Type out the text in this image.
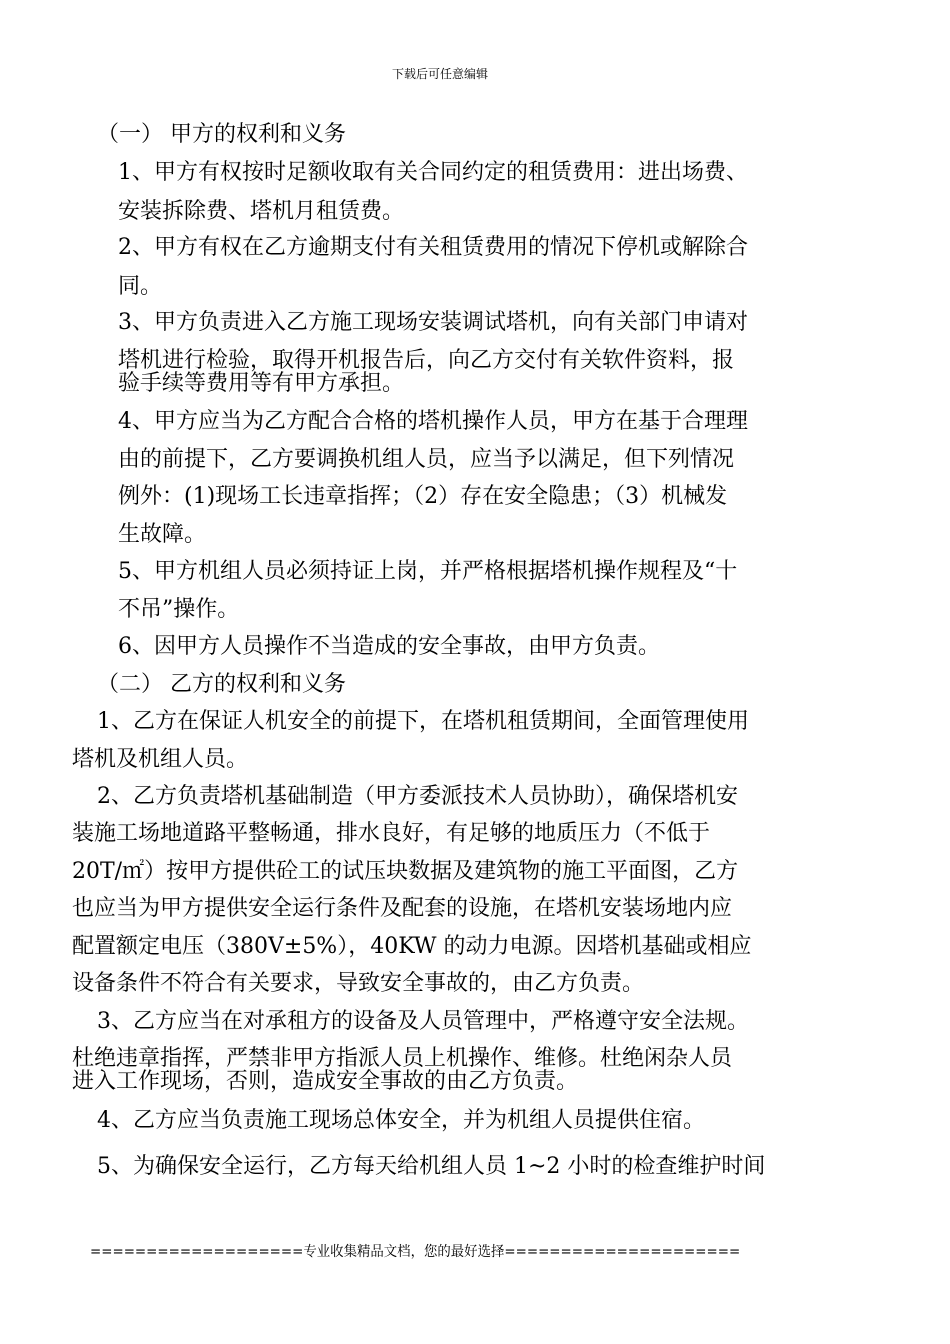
下载后可任意编辑
（一） 甲方的权利和义务
1、甲方有权按时足额收取有关合同约定的租赁费用：进出场费、
安装拆除费、塔机月租赁费。
2、甲方有权在乙方逾期支付有关租赁费用的情况下停机或解除合
同。
3、甲方负责进入乙方施工现场安装调试塔机，向有关部门申请对
塔机进行检验，取得开机报告后，向乙方交付有关软件资料，报
验手续等费用等有甲方承担。
4、甲方应当为乙方配合合格的塔机操作人员，甲方在基于合理理
由的前提下，乙方要调换机组人员，应当予以满足，但下列情况
例外：(1)现场工长违章指挥；（2）存在安全隐患；（3）机械发
生故障。
5、甲方机组人员必须持证上岗，并严格根据塔机操作规程及“十
不吊”操作。
6、因甲方人员操作不当造成的安全事故，由甲方负责。
（二） 乙方的权利和义务
1、乙方在保证人机安全的前提下，在塔机租赁期间，全面管理使用
塔机及机组人员。
2、乙方负责塔机基础制造（甲方委派技术人员协助），确保塔机安
装施工场地道路平整畅通，排水良好，有足够的地质压力（不低于
20T/㎡）按甲方提供砼工的试压块数据及建筑物的施工平面图，乙方
也应当为甲方提供安全运行条件及配套的设施，在塔机安装场地内应
配置额定电压（380V±5%），40KW 的动力电源。因塔机基础或相应
设备条件不符合有关要求，导致安全事故的，由乙方负责。
3、乙方应当在对承租方的设备及人员管理中，严格遵守安全法规。
杜绝违章指挥，严禁非甲方指派人员上机操作、维修。杜绝闲杂人员
进入工作现场，否则，造成安全事故的由乙方负责。
4、乙方应当负责施工现场总体安全，并为机组人员提供住宿。
5、为确保安全运行，乙方每天给机组人员 1~2 小时的检查维护时间
===================专业收集精品文档，您的最好选择=====================
